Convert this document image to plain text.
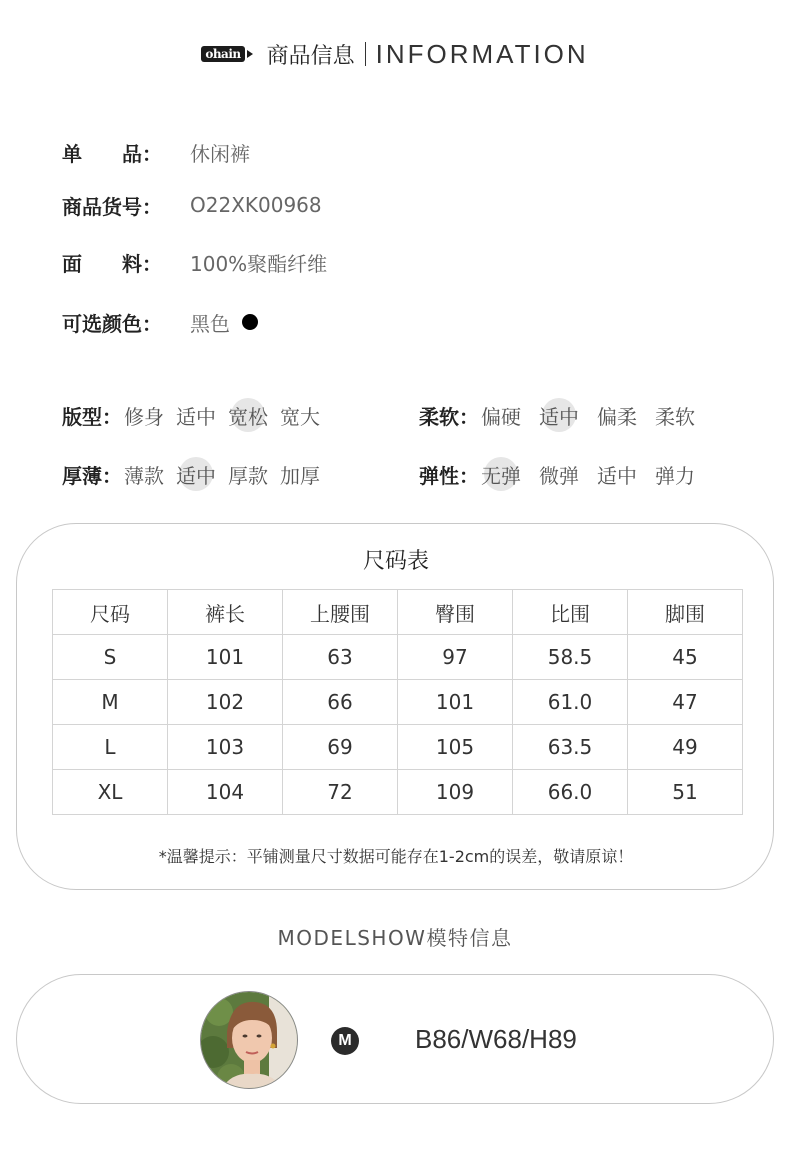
ohain 商品信息 INFORMATION
单　　品：	休闲裤
商品货号：	O22XK00968
面　　料：	100%聚酯纤维
可选颜色：	黑色
版型： 修身 适中 宽松 宽大	柔软： 偏硬 适中 偏柔 柔软
厚薄： 薄款 适中 厚款 加厚	弹性： 无弹 微弹 适中 弹力
尺码表
尺码	裤长	上腰围	臀围	比围	脚围
S	101	63	97	58.5	45
M	102	66	101	61.0	47
L	103	69	105	63.5	49
XL	104	72	109	66.0	51
*温馨提示：平铺测量尺寸数据可能存在1-2cm的误差，敬请原谅！
MODELSHOW模特信息
M B86/W68/H89
